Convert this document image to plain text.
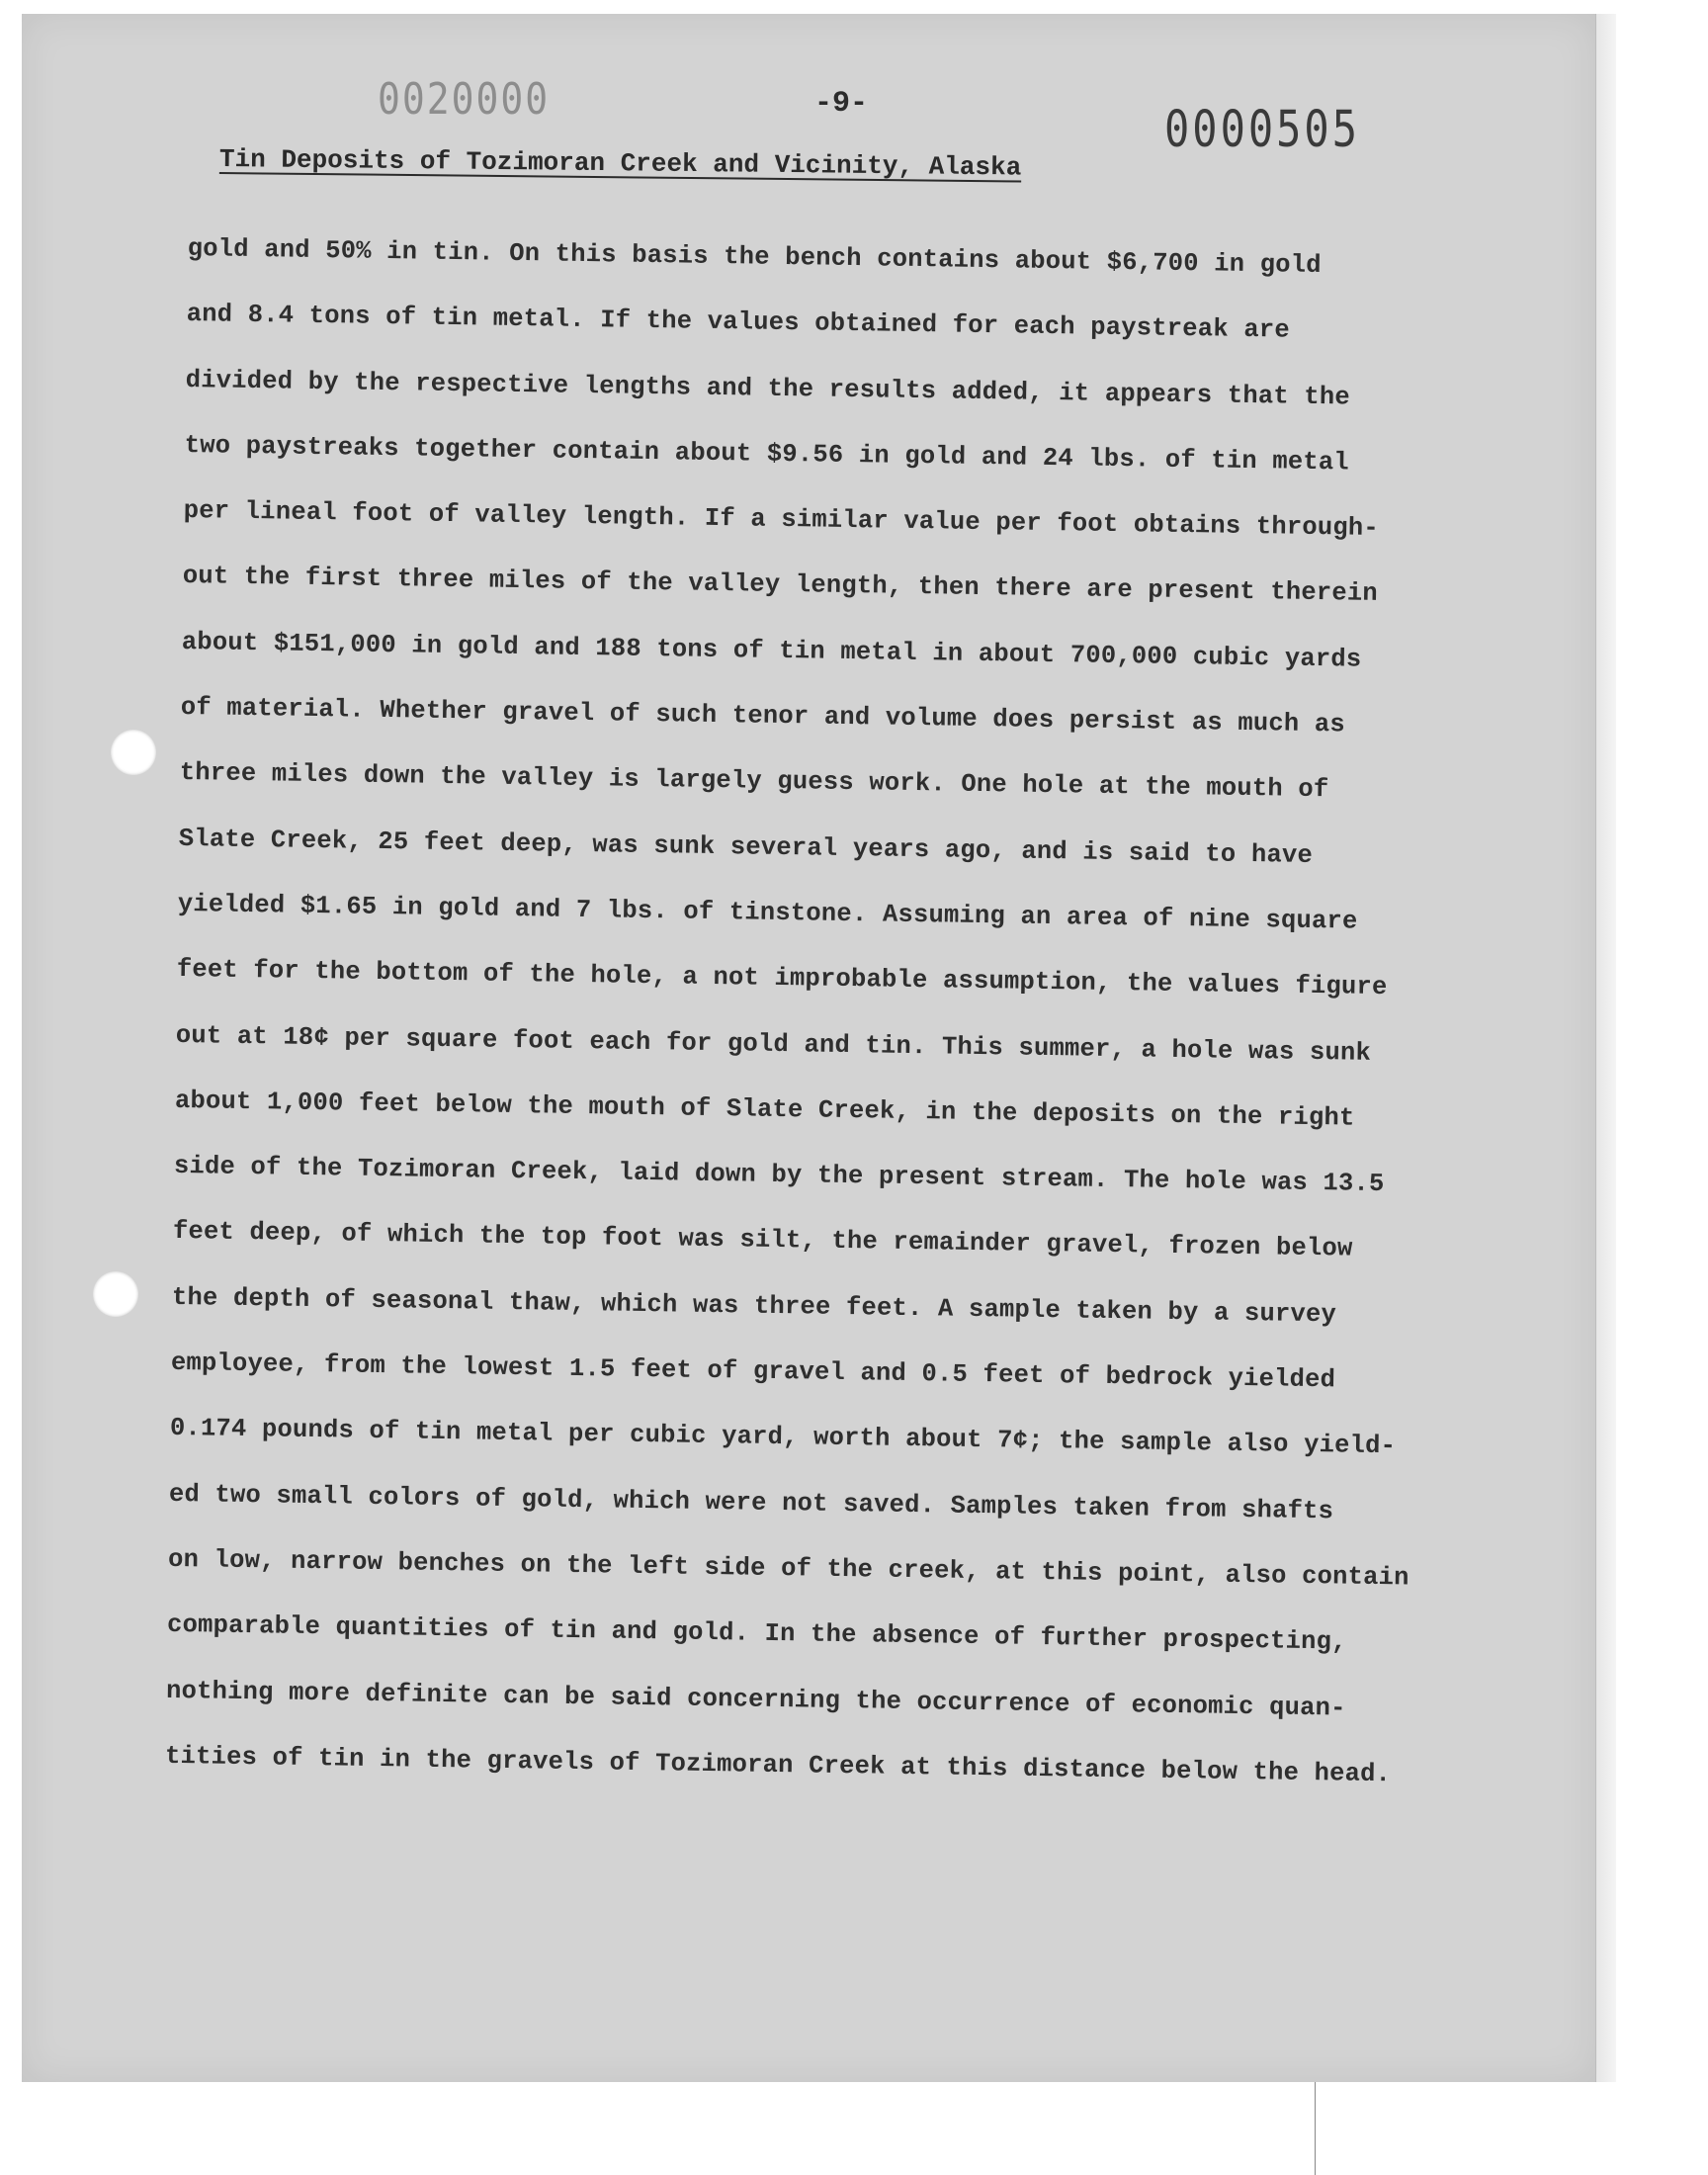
0020000	-9-	0000505
Tin Deposits of Tozimoran Creek and Vicinity, Alaska
gold and 50% in tin. On this basis the bench contains about $6,700 in gold
and 8.4 tons of tin metal. If the values obtained for each paystreak are
divided by the respective lengths and the results added, it appears that the
two paystreaks together contain about $9.56 in gold and 24 lbs. of tin metal
per lineal foot of valley length. If a similar value per foot obtains through-
out the first three miles of the valley length, then there are present therein
about $151,000 in gold and 188 tons of tin metal in about 700,000 cubic yards
of material. Whether gravel of such tenor and volume does persist as much as
three miles down the valley is largely guess work. One hole at the mouth of
Slate Creek, 25 feet deep, was sunk several years ago, and is said to have
yielded $1.65 in gold and 7 lbs. of tinstone. Assuming an area of nine square
feet for the bottom of the hole, a not improbable assumption, the values figure
out at 18¢ per square foot each for gold and tin. This summer, a hole was sunk
about 1,000 feet below the mouth of Slate Creek, in the deposits on the right
side of the Tozimoran Creek, laid down by the present stream. The hole was 13.5
feet deep, of which the top foot was silt, the remainder gravel, frozen below
the depth of seasonal thaw, which was three feet. A sample taken by a survey
employee, from the lowest 1.5 feet of gravel and 0.5 feet of bedrock yielded
0.174 pounds of tin metal per cubic yard, worth about 7¢; the sample also yield-
ed two small colors of gold, which were not saved. Samples taken from shafts
on low, narrow benches on the left side of the creek, at this point, also contain
comparable quantities of tin and gold. In the absence of further prospecting,
nothing more definite can be said concerning the occurrence of economic quan-
tities of tin in the gravels of Tozimoran Creek at this distance below the head.
